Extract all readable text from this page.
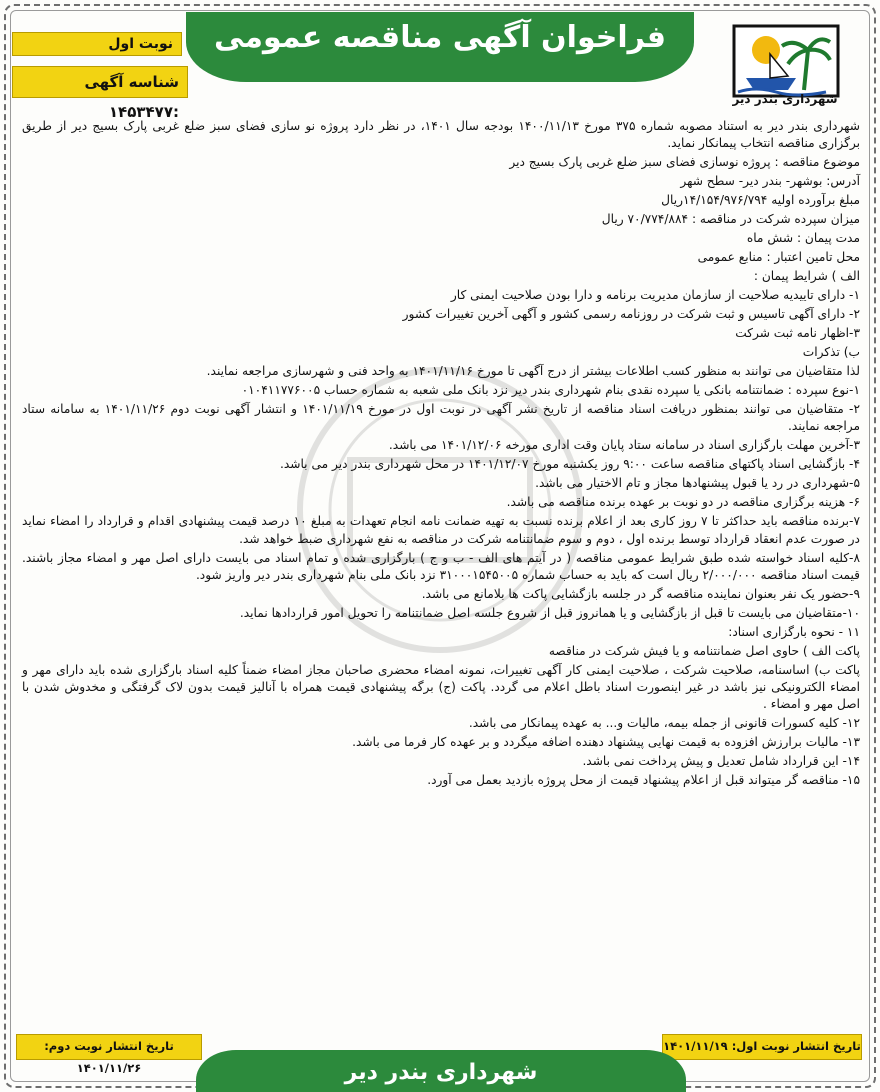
فراخوان آگهی مناقصه عمومی
نوبت اول
شناسه آگهی :۱۴۵۳۴۷۷
شهرداری بندر دیر

شهرداری بندر دیر به استناد مصوبه شماره ۳۷۵ مورخ ۱۴۰۰/۱۱/۱۳ بودجه سال ۱۴۰۱، در نظر دارد پروژه نو سازی فضای سبز ضلع غربی پارک بسیج دیر از طریق برگزاری مناقصه انتخاب پیمانکار نماید.

موضوع مناقصه : پروژه نوسازی فضای سبز ضلع غربی پارک بسیج دیر

آدرس: بوشهر- بندر دیر- سطح شهر

مبلغ برآورده اولیه ۱۴/۱۵۴/۹۷۶/۷۹۴ریال

میزان سپرده شرکت در مناقصه : ۷۰/۷۷۴/۸۸۴ ریال

مدت پیمان : شش ماه

محل تامین اعتبار : منابع عمومی

الف ) شرایط پیمان :

۱- دارای تاییدیه صلاحیت از سازمان مدیریت برنامه و دارا بودن صلاحیت ایمنی کار

۲- دارای آگهی تاسیس و ثبت شرکت در روزنامه رسمی کشور و آگهی آخرین تغییرات کشور

۳-اظهار نامه ثبت شرکت

ب) تذکرات

لذا متقاضیان می توانند به منظور کسب اطلاعات بیشتر از درج آگهی تا مورخ ۱۴۰۱/۱۱/۱۶ به واحد فنی و شهرسازی مراجعه نمایند.

۱-نوع سپرده : ضمانتنامه بانکی یا سپرده نقدی بنام شهرداری بندر دیر نزد بانک ملی شعبه به شماره حساب ۰۱۰۴۱۱۷۷۶۰۰۵

۲- متقاضیان می توانند بمنظور دریافت اسناد مناقصه از تاریخ نشر آگهی در نوبت اول در مورخ ۱۴۰۱/۱۱/۱۹ و انتشار آگهی نوبت دوم ۱۴۰۱/۱۱/۲۶ به سامانه ستاد مراجعه نمایند.

۳-آخرین مهلت بارگزاری اسناد در سامانه ستاد پایان وقت اداری مورخه ۱۴۰۱/۱۲/۰۶ می باشد.

۴- بازگشایی اسناد پاکتهای مناقصه ساعت ۹:۰۰ روز یکشنبه مورخ ۱۴۰۱/۱۲/۰۷ در محل شهرداری بندر دیر می باشد.

۵-شهرداری در رد یا قبول پیشنهادها مجاز و تام الاختیار می باشد.

۶- هزینه برگزاری مناقصه در دو نوبت بر عهده برنده مناقصه می باشد.

۷-برنده مناقصه باید حداکثر تا ۷ روز کاری بعد از اعلام برنده نسبت به تهیه ضمانت نامه انجام تعهدات به مبلغ ۱۰ درصد قیمت پیشنهادی اقدام و قرارداد را امضاء نماید در صورت عدم انعقاد قرارداد توسط برنده اول ، دوم و سوم ضمانتنامه شرکت در مناقصه به نفع شهرداری ضبط خواهد شد.

۸-کلیه اسناد خواسته شده طبق شرایط عمومی مناقصه ( در آیتم های الف - ب و ج ) بارگزاری شده و تمام اسناد می بایست دارای اصل مهر و امضاء مجاز باشند. قیمت اسناد مناقصه ۲/۰۰۰/۰۰۰ ریال است که باید به حساب شماره ۳۱۰۰۰۱۵۴۵۰۰۵ نزد بانک ملی بنام شهرداری بندر دیر واریز شود.

۹-حضور یک نفر بعنوان نماینده مناقصه گر در جلسه بازگشایی پاکت ها بلامانع می باشد.

۱۰-متقاضیان می بایست تا قبل از بازگشایی و یا همانروز قبل از شروع جلسه اصل ضمانتنامه را تحویل امور قراردادها نماید.

۱۱ - نحوه بارگزاری اسناد:

پاکت الف ) حاوی اصل ضمانتنامه و یا فیش شرکت در مناقصه

پاکت ب) اساسنامه، صلاحیت شرکت ، صلاحیت ایمنی کار آگهی تغییرات، نمونه امضاء محضری صاحبان مجاز امضاء ضمناً کلیه اسناد بارگزاری شده باید دارای مهر و امضاء الکترونیکی نیز باشد در غیر اینصورت اسناد باطل اعلام می گردد. پاکت (ج) برگه پیشنهادی قیمت همراه با آنالیز قیمت بدون لاک گرفتگی و مخدوش شدن با اصل مهر و امضاء .

۱۲- کلیه کسورات قانونی از جمله بیمه، مالیات و... به عهده پیمانکار می باشد.

۱۳- مالیات برارزش افزوده به قیمت نهایی پیشنهاد دهنده اضافه میگردد و بر عهده کار فرما می باشد.

۱۴- این قرارداد شامل تعدیل و پیش پرداخت نمی باشد.

۱۵- مناقصه گر میتواند قبل از اعلام پیشنهاد قیمت از محل پروژه بازدید بعمل می آورد.

تاریخ انتشار نوبت اول: ۱۴۰۱/۱۱/۱۹
تاریخ انتشار نوبت دوم: ۱۴۰۱/۱۱/۲۶	شهرداری بندر دیر
